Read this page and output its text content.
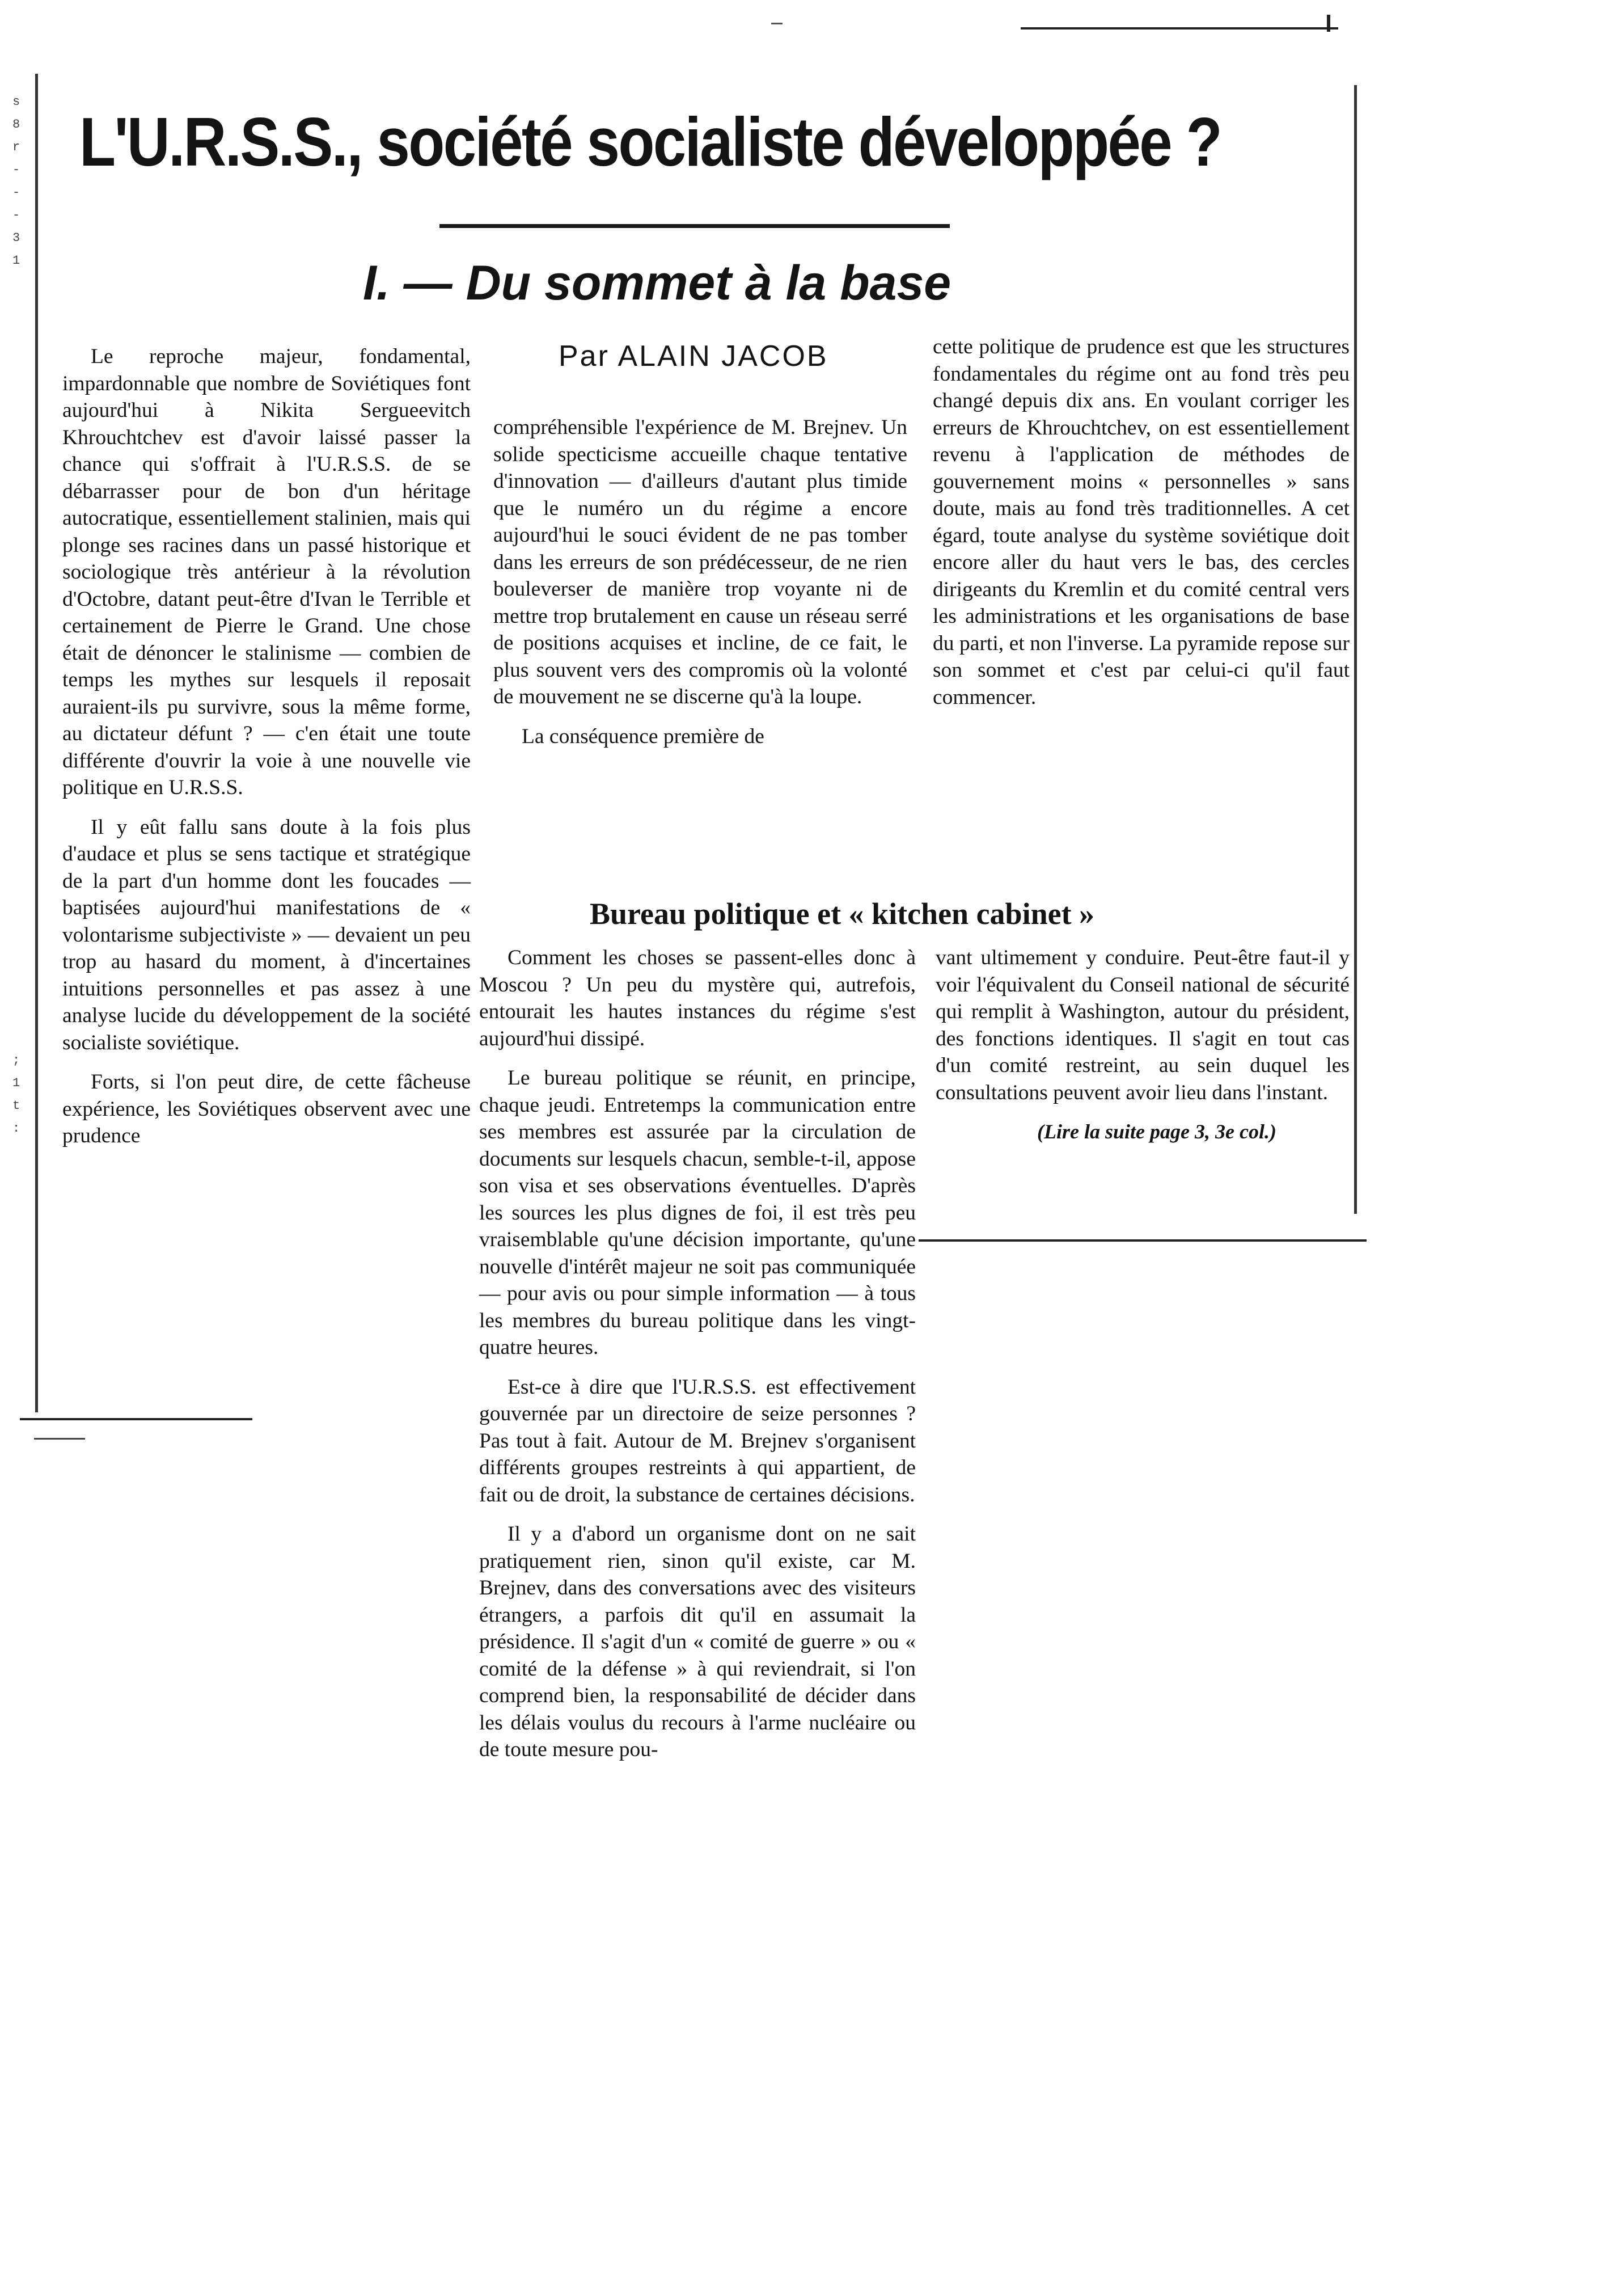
s
8
r
-
-
-
3
1
;
1
t
:
L'U.R.S.S., société socialiste développée ?
I. — Du sommet à la base
Par ALAIN JACOB

Le reproche majeur, fondamental, impardonnable que nombre de Soviétiques font aujourd'hui à Nikita Sergueevitch Khrouchtchev est d'avoir laissé passer la chance qui s'offrait à l'U.R.S.S. de se débarrasser pour de bon d'un héritage autocratique, essentiellement stalinien, mais qui plonge ses racines dans un passé historique et sociologique très antérieur à la révolution d'Octobre, datant peut-être d'Ivan le Terrible et certainement de Pierre le Grand. Une chose était de dénoncer le stalinisme — combien de temps les mythes sur lesquels il reposait auraient-ils pu survivre, sous la même forme, au dictateur défunt ? — c'en était une toute différente d'ouvrir la voie à une nouvelle vie politique en U.R.S.S.

Il y eût fallu sans doute à la fois plus d'audace et plus se sens tactique et stratégique de la part d'un homme dont les foucades — baptisées aujourd'hui manifestations de « volontarisme subjectiviste » — devaient un peu trop au hasard du moment, à d'incertaines intuitions personnelles et pas assez à une analyse lucide du développement de la société socialiste soviétique.

Forts, si l'on peut dire, de cette fâcheuse expérience, les Soviétiques observent avec une prudence

compréhensible l'expérience de M. Brejnev. Un solide specticisme accueille chaque tentative d'innovation — d'ailleurs d'autant plus timide que le numéro un du régime a encore aujourd'hui le souci évident de ne pas tomber dans les erreurs de son prédécesseur, de ne rien bouleverser de manière trop voyante ni de mettre trop brutalement en cause un réseau serré de positions acquises et incline, de ce fait, le plus souvent vers des compromis où la volonté de mouvement ne se discerne qu'à la loupe.

La conséquence première de

cette politique de prudence est que les structures fondamentales du régime ont au fond très peu changé depuis dix ans. En voulant corriger les erreurs de Khrouchtchev, on est essentiellement revenu à l'application de méthodes de gouvernement moins « personnelles » sans doute, mais au fond très traditionnelles. A cet égard, toute analyse du système soviétique doit encore aller du haut vers le bas, des cercles dirigeants du Kremlin et du comité central vers les administrations et les organisations de base du parti, et non l'inverse. La pyramide repose sur son sommet et c'est par celui-ci qu'il faut commencer.

Bureau politique et « kitchen cabinet »

Comment les choses se passent-elles donc à Moscou ? Un peu du mystère qui, autrefois, entourait les hautes instances du régime s'est aujourd'hui dissipé.

Le bureau politique se réunit, en principe, chaque jeudi. Entretemps la communication entre ses membres est assurée par la circulation de documents sur lesquels chacun, semble-t-il, appose son visa et ses observations éventuelles. D'après les sources les plus dignes de foi, il est très peu vraisemblable qu'une décision importante, qu'une nouvelle d'intérêt majeur ne soit pas communiquée — pour avis ou pour simple information — à tous les membres du bureau politique dans les vingt-quatre heures.

Est-ce à dire que l'U.R.S.S. est effectivement gouvernée par un directoire de seize personnes ? Pas tout à fait. Autour de M. Brejnev s'organisent différents groupes restreints à qui appartient, de fait ou de droit, la substance de certaines décisions.

Il y a d'abord un organisme dont on ne sait pratiquement rien, sinon qu'il existe, car M. Brejnev, dans des conversations avec des visiteurs étrangers, a parfois dit qu'il en assumait la présidence. Il s'agit d'un « comité de guerre » ou « comité de la défense » à qui reviendrait, si l'on comprend bien, la responsabilité de décider dans les délais voulus du recours à l'arme nucléaire ou de toute mesure pou-

vant ultimement y conduire. Peut-être faut-il y voir l'équivalent du Conseil national de sécurité qui remplit à Washington, autour du président, des fonctions identiques. Il s'agit en tout cas d'un comité restreint, au sein duquel les consultations peuvent avoir lieu dans l'instant.

(Lire la suite page 3, 3e col.)
